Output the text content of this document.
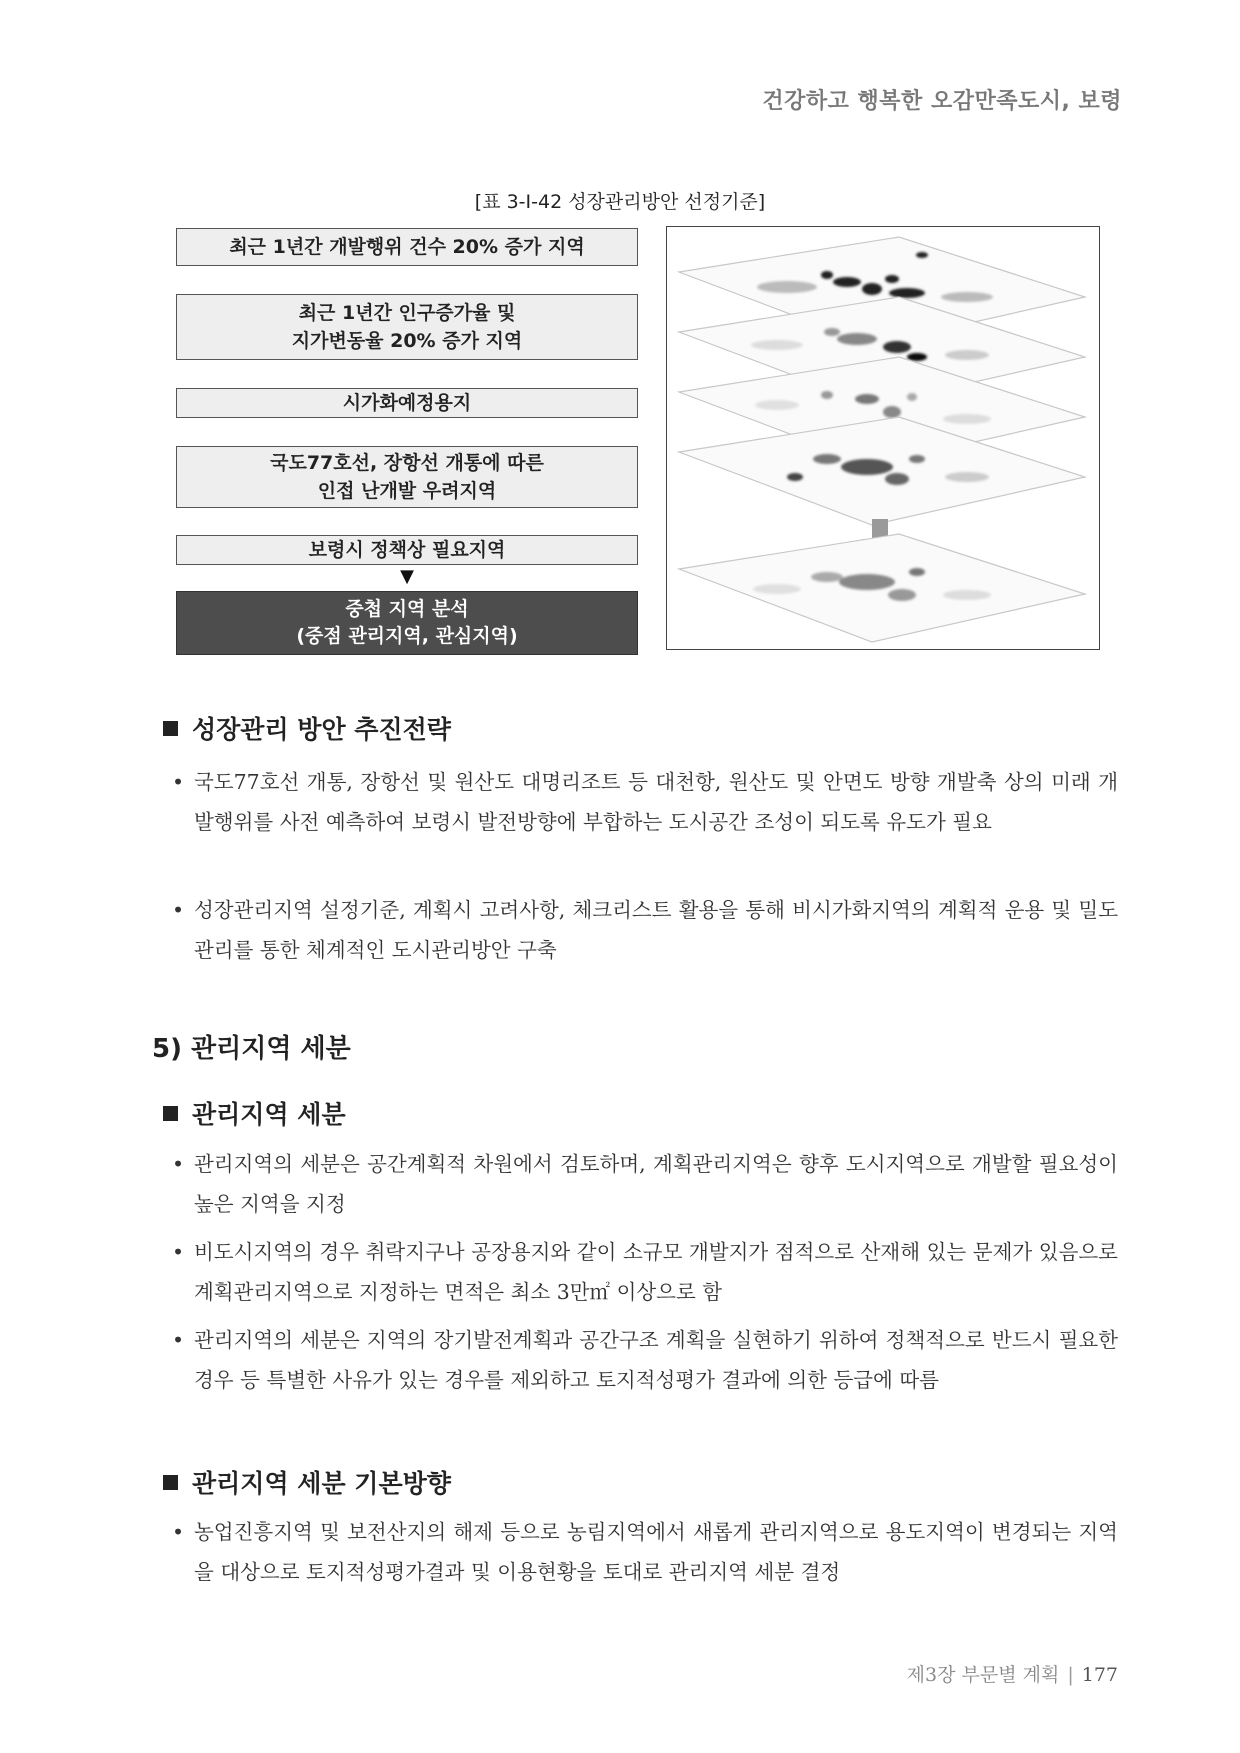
건강하고 행복한 오감만족도시, 보령
[표 3-Ⅰ-42 성장관리방안 선정기준]
최근 1년간 개발행위 건수 20% 증가 지역
최근 1년간 인구증가율 및
지가변동율 20% 증가 지역
시가화예정용지
국도77호선, 장항선 개통에 따른
인접 난개발 우려지역
보령시 정책상 필요지역
▼
중첩 지역 분석
(중점 관리지역, 관심지역)
성장관리 방안 추진전략
• 국도77호선 개통, 장항선 및 원산도 대명리조트 등 대천항, 원산도 및 안면도 방향 개발축 상의 미래 개발행위를 사전 예측하여 보령시 발전방향에 부합하는 도시공간 조성이 되도록 유도가 필요
• 성장관리지역 설정기준, 계획시 고려사항, 체크리스트 활용을 통해 비시가화지역의 계획적 운용 및 밀도관리를 통한 체계적인 도시관리방안 구축
5) 관리지역 세분
관리지역 세분
• 관리지역의 세분은 공간계획적 차원에서 검토하며, 계획관리지역은 향후 도시지역으로 개발할 필요성이 높은 지역을 지정
• 비도시지역의 경우 취락지구나 공장용지와 같이 소규모 개발지가 점적으로 산재해 있는 문제가 있음으로 계획관리지역으로 지정하는 면적은 최소 3만㎡ 이상으로 함
• 관리지역의 세분은 지역의 장기발전계획과 공간구조 계획을 실현하기 위하여 정책적으로 반드시 필요한 경우 등 특별한 사유가 있는 경우를 제외하고 토지적성평가 결과에 의한 등급에 따름
관리지역 세분 기본방향
• 농업진흥지역 및 보전산지의 해제 등으로 농림지역에서 새롭게 관리지역으로 용도지역이 변경되는 지역을 대상으로 토지적성평가결과 및 이용현황을 토대로 관리지역 세분 결정
제3장 부문별 계획 | 177
